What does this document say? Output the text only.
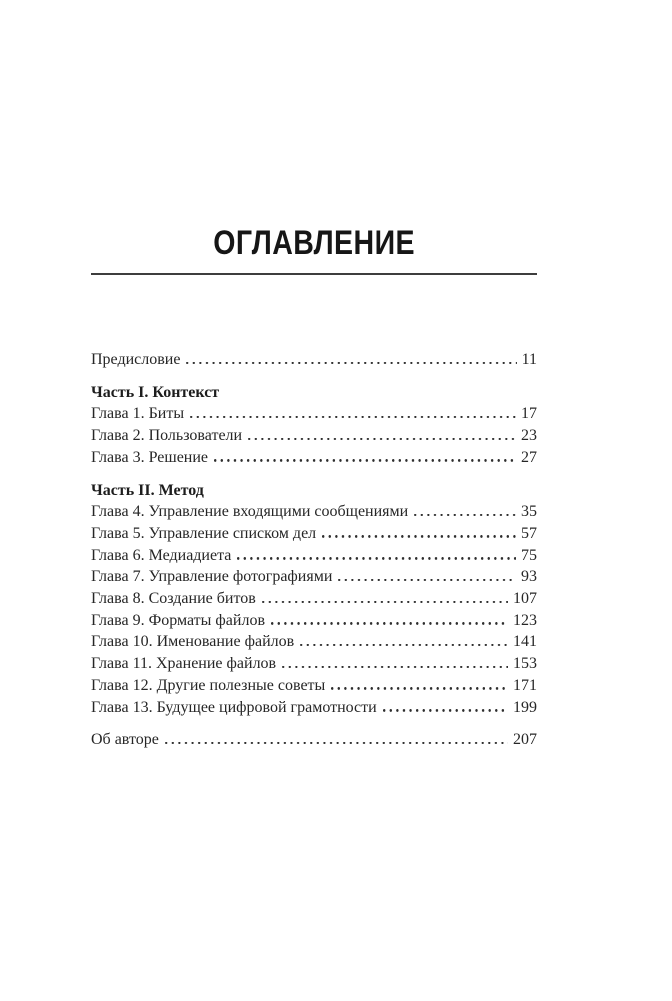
ОГЛАВЛЕНИЕ
Предисловие	11
Часть I. Контекст
Глава 1. Биты	17
Глава 2. Пользователи	23
Глава 3. Решение	27
Часть II. Метод
Глава 4. Управление входящими сообщениями	35
Глава 5. Управление списком дел	57
Глава 6. Медиадиета	75
Глава 7. Управление фотографиями	93
Глава 8. Создание битов	107
Глава 9. Форматы файлов	123
Глава 10. Именование файлов	141
Глава 11. Хранение файлов	153
Глава 12. Другие полезные советы	171
Глава 13. Будущее цифровой грамотности	199
Об авторе	207
